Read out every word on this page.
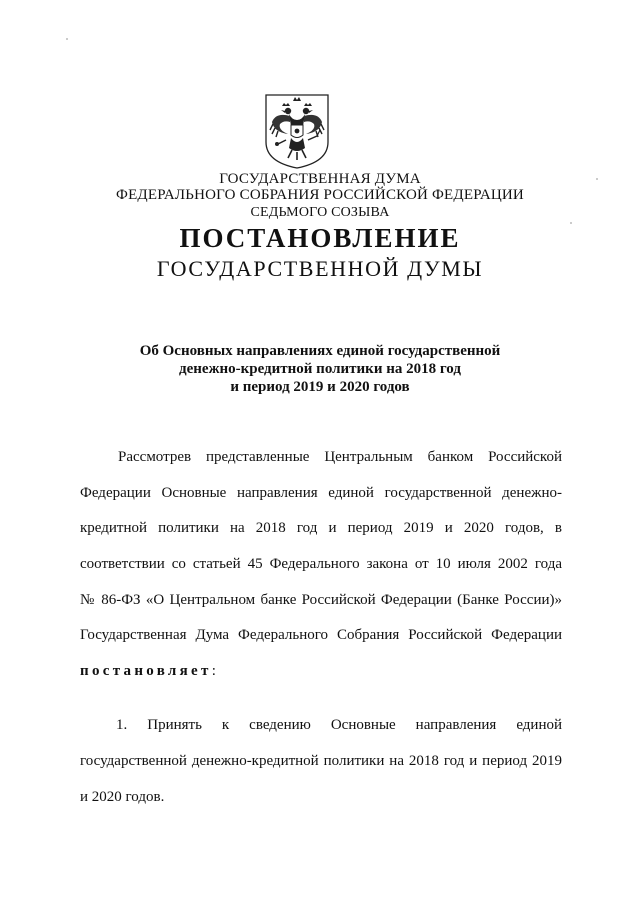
ГОСУДАРСТВЕННАЯ ДУМА
ФЕДЕРАЛЬНОГО СОБРАНИЯ РОССИЙСКОЙ ФЕДЕРАЦИИ
СЕДЬМОГО СОЗЫВА
ПОСТАНОВЛЕНИЕ
ГОСУДАРСТВЕННОЙ ДУМЫ
Об Основных направлениях единой государственной
денежно-кредитной политики на 2018 год
и период 2019 и 2020 годов
Рассмотрев представленные Центральным банком Российской
Федерации Основные направления единой государственной денежно-
кредитной политики на 2018 год и период 2019 и 2020 годов, в
соответствии со статьей 45 Федерального закона от 10 июля 2002 года
№ 86-ФЗ «О Центральном банке Российской Федерации (Банке России)»
Государственная Дума Федерального Собрания Российской Федерации
постановляет:
1. Принять к сведению Основные направления единой
государственной денежно-кредитной политики на 2018 год и период 2019
и 2020 годов.
